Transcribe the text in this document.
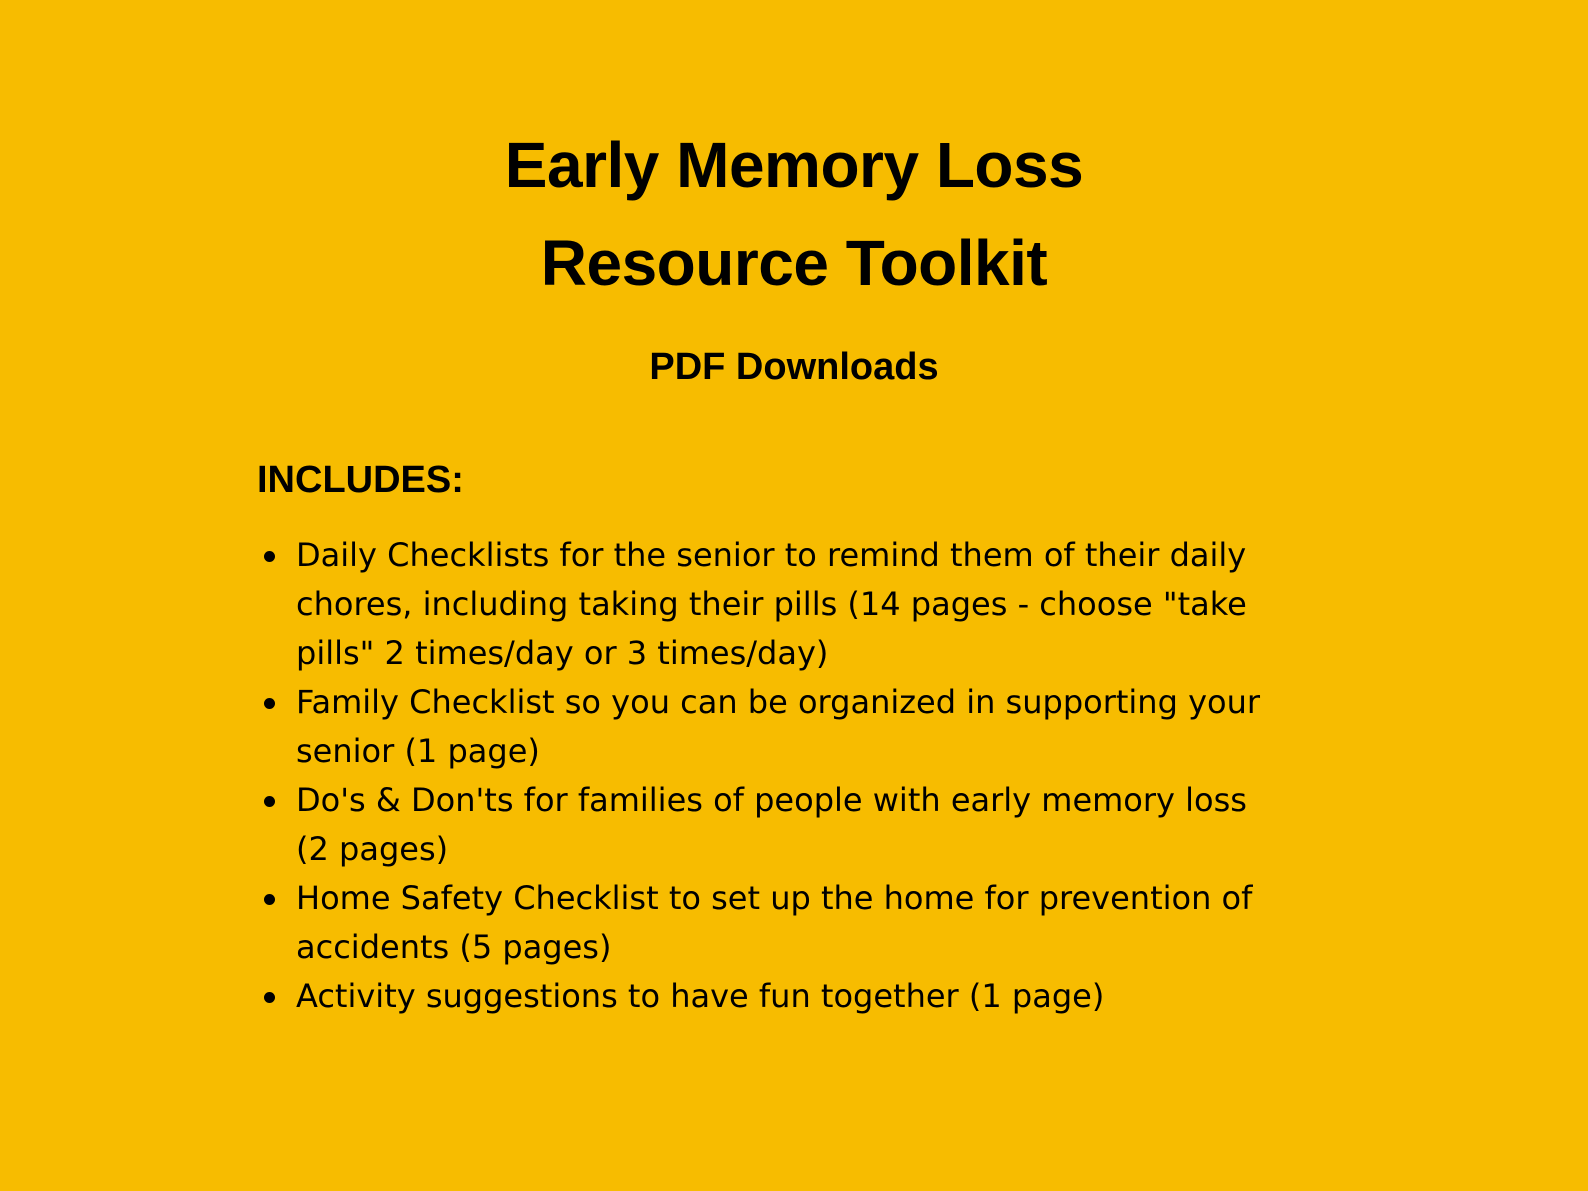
Early Memory Loss
Resource Toolkit
PDF Downloads
INCLUDES:
Daily Checklists for the senior to remind them of their daily
chores, including taking their pills (14 pages - choose "take
pills" 2 times/day or 3 times/day)
Family Checklist so you can be organized in supporting your
senior (1 page)
Do's & Don'ts for families of people with early memory loss
(2 pages)
Home Safety Checklist to set up the home for prevention of
accidents (5 pages)
Activity suggestions to have fun together (1 page)
